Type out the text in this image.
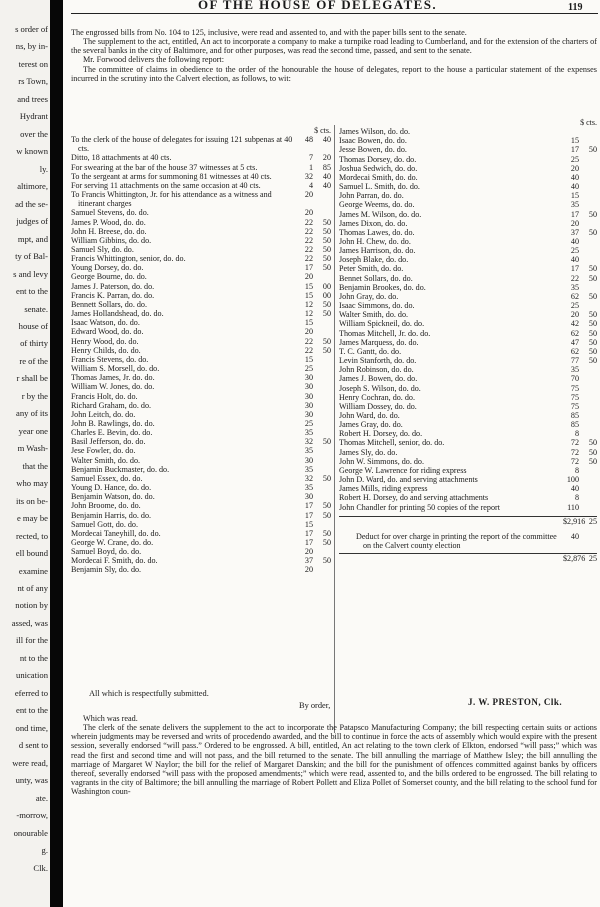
s order of
ns, by in-
terest on
rs Town,
and trees
Hydrant
over the
w known
ly.
altimore,
ad the se-
judges of
mpt, and
ty of Bal-
s and levy
ent to the
senate.
house of
of thirty
re of the
r shall be
r by the
any of its
year one
m Wash-
that the
who may
its on be-
e may be
rected, to
ell bound
examine
nt of any
notion by
assed, was
ill for the
nt to the
unication
eferred to
ent to the
ond time,
d sent to
were read,
unty, was
ate.
-morrow,
onourable
g.
Clk.
OF THE HOUSE OF DELEGATES.	119

The engrossed bills from No. 104 to 125, inclusive, were read and assented to, and with the paper bills sent to the senate.

The supplement to the act, entitled, An act to incorporate a company to make a turnpike road leading to Cumberland, and for the extension of the charters of the several banks in the city of Baltimore, and for other purposes, was read the second time, passed, and sent to the senate.

Mr. Forwood delivers the following report:

The committee of claims in obedience to the order of the honourable the house of delegates, report to the house a particular statement of the expenses incurred in the scrutiny into the Calvert election, as follows, to wit:

$ cts.
To the clerk of the house of delegates for issuing 121 subpenas at 40 cts.
48	40
Ditto, 18 attachments at 40 cts.	7	20
For swearing at the bar of the house 37 witnesses at 5 cts.	1	85
To the sergeant at arms for summoning 81 witnesses at 40 cts.	32	40
For serving 11 attachments on the same occasion at 40 cts.	4	40
To Francis Whittington, Jr. for his attendance as a witness and itinerant charges
20
Samuel Stevens, do. do.	20
James P. Wood, do. do.	22	50
John H. Breese, do. do.	22	50
William Gibbins, do. do.	22	50
Samuel Sly, do. do.	22	50
Francis Whittington, senior, do. do.	22	50
Young Dorsey, do. do.	17	50
George Bourne, do. do.	20
James J. Paterson, do. do.	15	00
Francis K. Parran, do. do.	15	00
Bennett Sollars, do. do.	12	50
James Hollandshead, do. do.	12	50
Isaac Watson, do. do.	15
Edward Wood, do. do.	20
Henry Wood, do. do.	22	50
Henry Childs, do. do.	22	50
Francis Stevens, do. do.	15
William S. Morsell, do. do.	25
Thomas James, Jr. do. do.	30
William W. Jones, do. do.	30
Francis Holt, do. do.	30
Richard Graham, do. do.	30
John Leitch, do. do.	30
John B. Rawlings, do. do.	25
Charles E. Bevin, do. do.	35
Basil Jefferson, do. do.	32	50
Jese Fowler, do. do.	35
Walter Smith, do. do.	30
Benjamin Buckmaster, do. do.	35
Samuel Essex, do. do.	32	50
Young D. Hance, do. do.	35
Benjamin Watson, do. do.	30
John Broome, do. do.	17	50
Benjamin Harris, do. do.	17	50
Samuel Gott, do. do.	15
Mordecai Taneyhill, do. do.	17	50
George W. Crane, do. do.	17	50
Samuel Boyd, do. do.	20
Mordecai F. Smith, do. do.	37	50
Benjamin Sly, do. do.	20
$ cts.
James Wilson, do. do.
Isaac Bowen, do. do.	15
Jesse Bowen, do. do.	17	50
Thomas Dorsey, do. do.	25
Joshua Sedwich, do. do.	20
Mordecai Smith, do. do.	40
Samuel L. Smith, do. do.	40
John Parran, do. do.	15
George Weems, do. do.	35
James M. Wilson, do. do.	17	50
James Dixon, do. do.	20
Thomas Lawes, do. do.	37	50
John H. Chew, do. do.	40
James Harrison, do. do.	25
Joseph Blake, do. do.	40
Peter Smith, do. do.	17	50
Bennet Sollars, do. do.	22	50
Benjamin Brookes, do. do.	35
John Gray, do. do.	62	50
Isaac Simmons, do. do.	25
Walter Smith, do. do.	20	50
William Spickneil, do. do.	42	50
Thomas Mitchell, Jr. do. do.	62	50
James Marquess, do. do.	47	50
T. C. Gantt, do. do.	62	50
Levin Stanforth, do. do.	77	50
John Robinson, do. do.	35
James J. Bowen, do. do.	70
Joseph S. Wilson, do. do.	75
Henry Cochran, do. do.	75
William Dossey, do. do.	75
John Ward, do. do.	85
James Gray, do. do.	85
Robert H. Dorsey, do. do.	8
Thomas Mitchell, senior, do. do.	72	50
James Sly, do. do.	72	50
John W. Simmons, do. do.	72	50
George W. Lawrence for riding express	8
John D. Ward, do. and serving attachments	100
James Mills, riding express	40
Robert H. Dorsey, do and serving attachments	8
John Chandler for printing 50 copies of the report	110
$2,916 25
Deduct for over charge in printing the report of the committee on the Calvert county election
40
$2,876 25
All which is respectfully submitted.
By order,	J. W. PRESTON, Clk.

Which was read.

The clerk of the senate delivers the supplement to the act to incorporate the Patapsco Manufacturing Company; the bill respecting certain suits or actions wherein judgments may be reversed and writs of procedendo awarded, and the bill to continue in force the acts of assembly which would expire with the present session, severally endorsed “will pass.” Ordered to be engrossed. A bill, entitled, An act relating to the town clerk of Elkton, endorsed “will pass;” which was read the first and second time and will not pass, and the bill returned to the senate. The bill annulling the marriage of Matthew Isley; the bill annulling the marriage of Margaret W Naylor; the bill for the relief of Margaret Danskin; and the bill for the punishment of offences committed against banks by officers thereof, severally endorsed “will pass with the proposed amendments;” which were read, assented to, and the bills ordered to be engrossed. The bill relating to vagrants in the city of Baltimore; the bill annulling the marriage of Robert Pollett and Eliza Pollet of Somerset county, and the bill relating to the school fund for Washington coun-
